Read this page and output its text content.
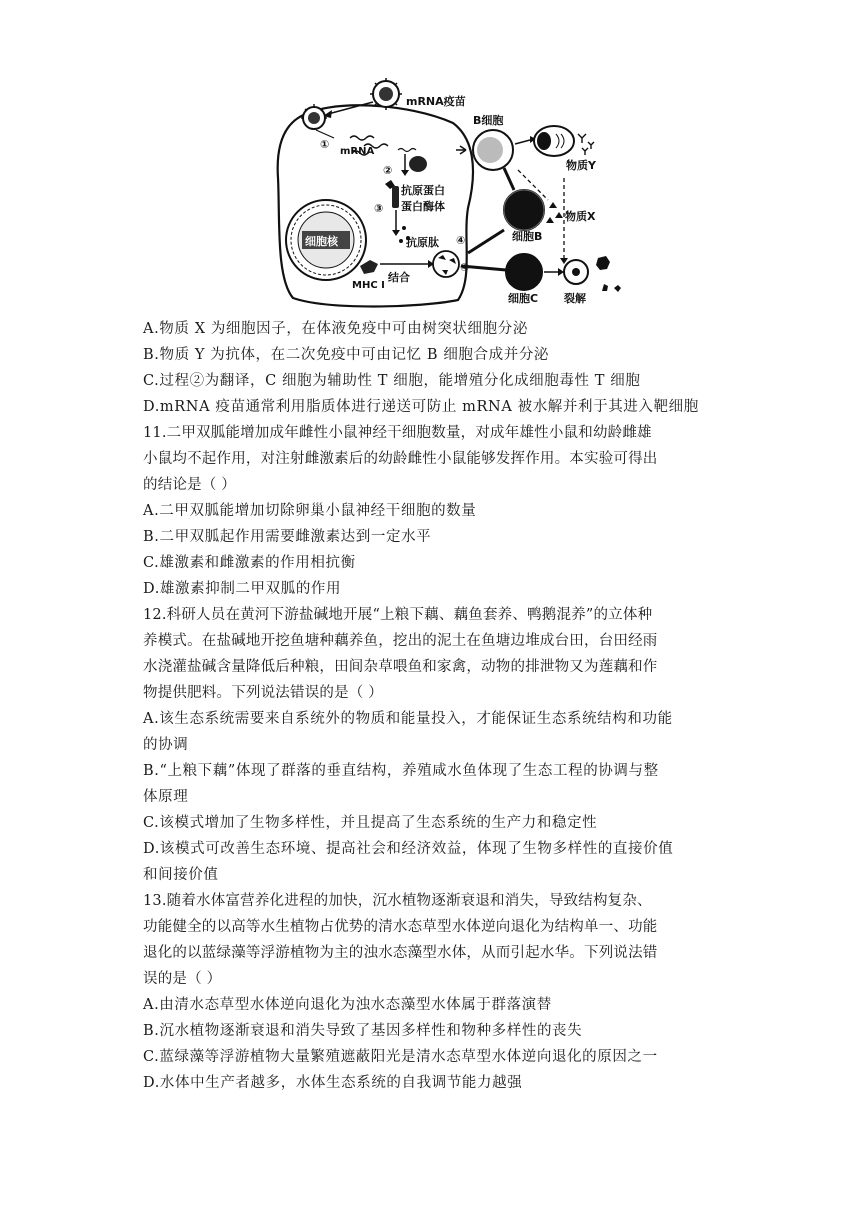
mRNA疫苗
①
mRNA
②
抗原蛋白
蛋白酶体
③
抗原肽
细胞核
MHC I
结合
④
B细胞
物质Y
细胞B
物质X
细胞C 裂解
A.物质 X 为细胞因子，在体液免疫中可由树突状细胞分泌
B.物质 Y 为抗体，在二次免疫中可由记忆 B 细胞合成并分泌
C.过程②为翻译，C 细胞为辅助性 T 细胞，能增殖分化成细胞毒性 T 细胞
D.mRNA 疫苗通常利用脂质体进行递送可防止 mRNA 被水解并利于其进入靶细胞
11.二甲双胍能增加成年雌性小鼠神经干细胞数量，对成年雄性小鼠和幼龄雌雄
小鼠均不起作用，对注射雌激素后的幼龄雌性小鼠能够发挥作用。本实验可得出
的结论是（ ）
A.二甲双胍能增加切除卵巢小鼠神经干细胞的数量
B.二甲双胍起作用需要雌激素达到一定水平
C.雄激素和雌激素的作用相抗衡
D.雄激素抑制二甲双胍的作用
12.科研人员在黄河下游盐碱地开展“上粮下藕、藕鱼套养、鸭鹅混养”的立体种
养模式。在盐碱地开挖鱼塘种藕养鱼，挖出的泥土在鱼塘边堆成台田，台田经雨
水浇灌盐碱含量降低后种粮，田间杂草喂鱼和家禽，动物的排泄物又为莲藕和作
物提供肥料。下列说法错误的是（ ）
A.该生态系统需要来自系统外的物质和能量投入，才能保证生态系统结构和功能
的协调
B.“上粮下藕”体现了群落的垂直结构，养殖咸水鱼体现了生态工程的协调与整
体原理
C.该模式增加了生物多样性，并且提高了生态系统的生产力和稳定性
D.该模式可改善生态环境、提高社会和经济效益，体现了生物多样性的直接价值
和间接价值
13.随着水体富营养化进程的加快，沉水植物逐渐衰退和消失，导致结构复杂、
功能健全的以高等水生植物占优势的清水态草型水体逆向退化为结构单一、功能
退化的以蓝绿藻等浮游植物为主的浊水态藻型水体，从而引起水华。下列说法错
误的是（ ）
A.由清水态草型水体逆向退化为浊水态藻型水体属于群落演替
B.沉水植物逐渐衰退和消失导致了基因多样性和物种多样性的丧失
C.蓝绿藻等浮游植物大量繁殖遮蔽阳光是清水态草型水体逆向退化的原因之一
D.水体中生产者越多，水体生态系统的自我调节能力越强
